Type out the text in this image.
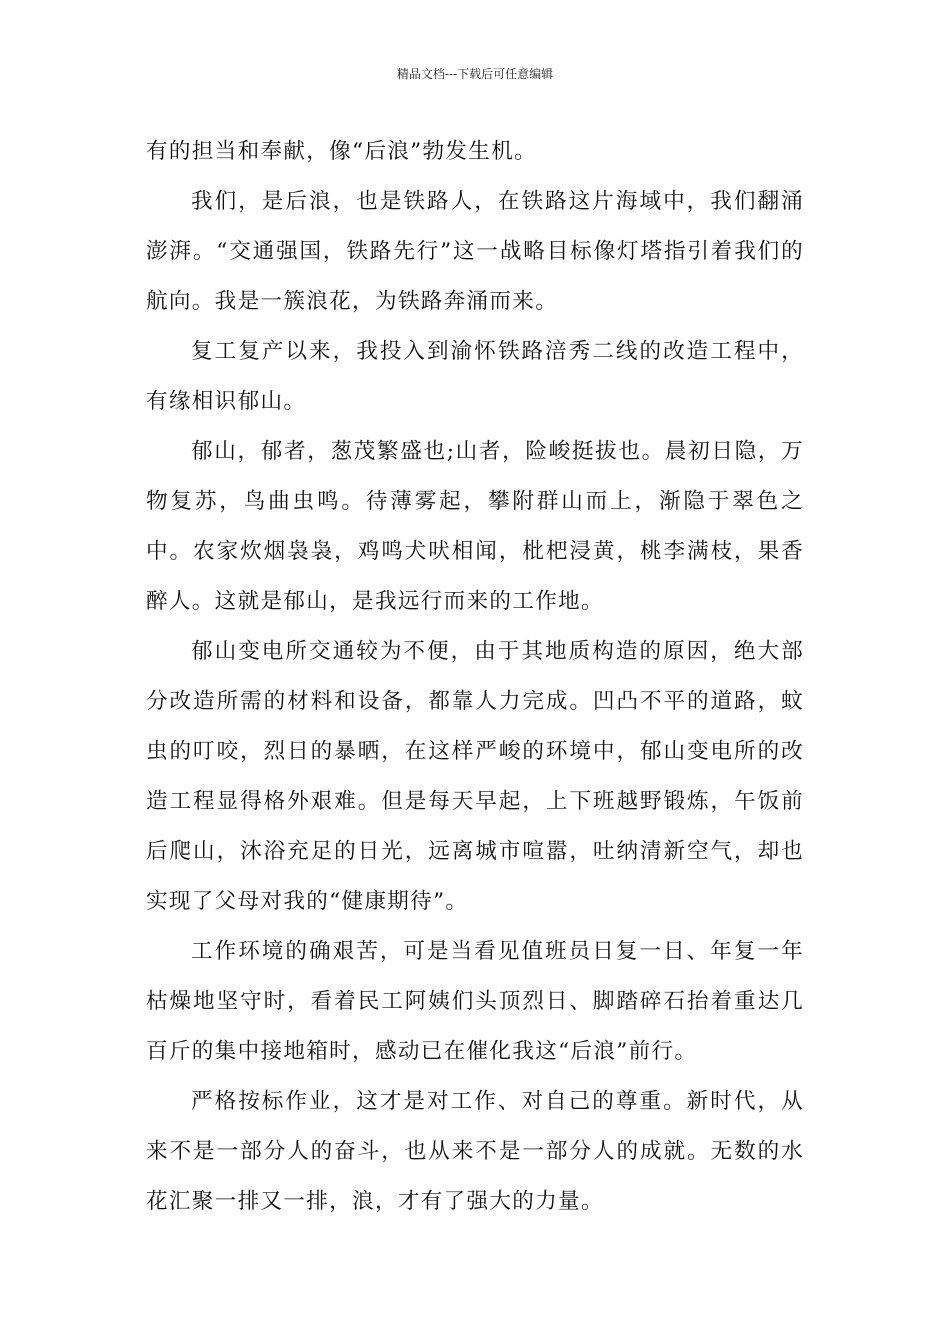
精品文档---下载后可任意编辑

有的担当和奉献，像“后浪”勃发生机。

我们，是后浪，也是铁路人，在铁路这片海域中，我们翻涌澎湃。“交通强国，铁路先行”这一战略目标像灯塔指引着我们的航向。我是一簇浪花，为铁路奔涌而来。

复工复产以来，我投入到渝怀铁路涪秀二线的改造工程中，有缘相识郁山。

郁山，郁者，葱茂繁盛也;山者，险峻挺拔也。晨初日隐，万物复苏，鸟曲虫鸣。待薄雾起，攀附群山而上，渐隐于翠色之中。农家炊烟袅袅，鸡鸣犬吠相闻，枇杷浸黄，桃李满枝，果香醉人。这就是郁山，是我远行而来的工作地。

郁山变电所交通较为不便，由于其地质构造的原因，绝大部分改造所需的材料和设备，都靠人力完成。凹凸不平的道路，蚊虫的叮咬，烈日的暴晒，在这样严峻的环境中，郁山变电所的改造工程显得格外艰难。但是每天早起，上下班越野锻炼，午饭前后爬山，沐浴充足的日光，远离城市喧嚣，吐纳清新空气，却也实现了父母对我的“健康期待”。

工作环境的确艰苦，可是当看见值班员日复一日、年复一年枯燥地坚守时，看着民工阿姨们头顶烈日、脚踏碎石抬着重达几百斤的集中接地箱时，感动已在催化我这“后浪”前行。

严格按标作业，这才是对工作、对自己的尊重。新时代，从来不是一部分人的奋斗，也从来不是一部分人的成就。无数的水花汇聚一排又一排，浪，才有了强大的力量。
